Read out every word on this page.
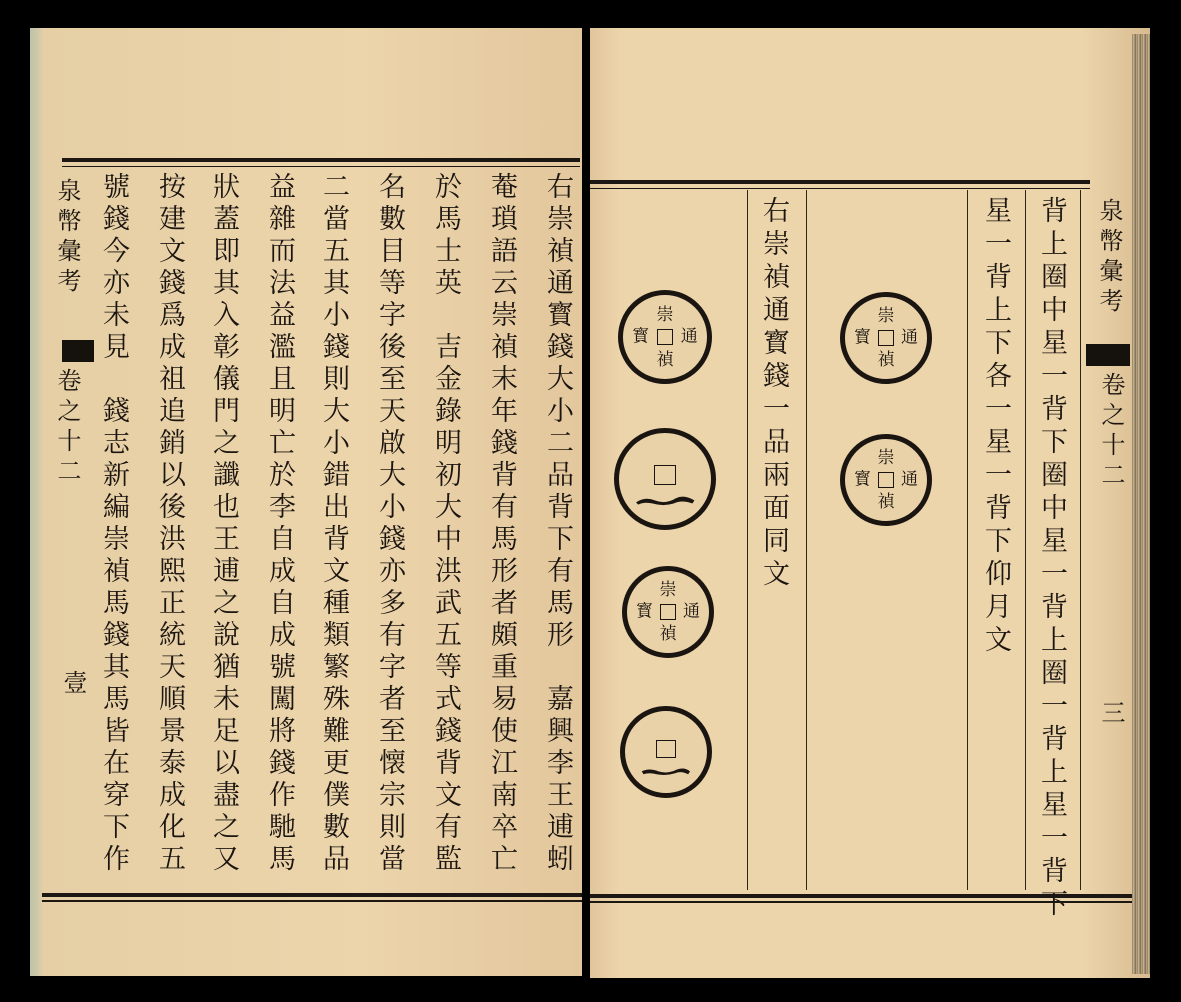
泉幣彙考
卷之十二
壹	右崇禎通寳錢大小二品背下有馬形　嘉興李王逋蚓
菴瑣語云崇禎末年錢背有馬形者頗重易使江南卒亡
於馬士英　吉金錄明初大中洪武五等式錢背文有監
名數目等字後至天啟大小錢亦多有字者至懐宗則當
二當五其小錢則大小錯出背文種類繁殊難更僕數品
益雜而法益濫且明亡於李自成自成號闖將錢作馳馬
狀蓋即其入彰儀門之讖也王逋之說猶未足以盡之又
按建文錢爲成祖追銷以後洪熙正統天順景泰成化五
號錢今亦未見　錢志新編崇禎馬錢其馬皆在穿下作	背上圈中星一背下圈中星一背上圈一背上星一背下
星一背上下各一星一背下仰月文
右崇禎通寳錢一品兩面同文	泉幣彙考
卷之十二
三
崇
通
禎
寳
崇
通
禎
寳
崇
通
禎
寳
崇
通
禎
寳
